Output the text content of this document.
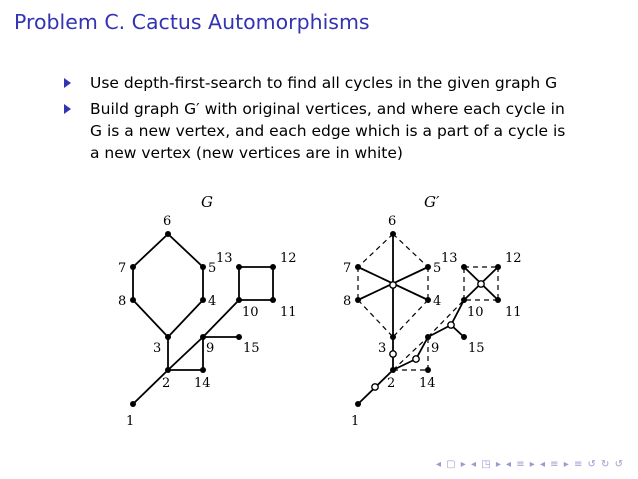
Problem C. Cactus Automorphisms
Use depth-first-search to find all cycles in the given graph G
Build graph G′ with original vertices, and where each cycle in
G is a new vertex, and each edge which is a part of a cycle is
a new vertex (new vertices are in white)
G	G′
1
2
3
4
5
6
7
8
9
10 11
12
13
14
15
1
2
3
4
5
6
7
8
9
10 11
12
13
14
15
◂ ▢ ▸ ◂ ◳ ▸ ◂ ≡ ▸ ◂ ≡ ▸ ≡ ↺ ↻ ↺
